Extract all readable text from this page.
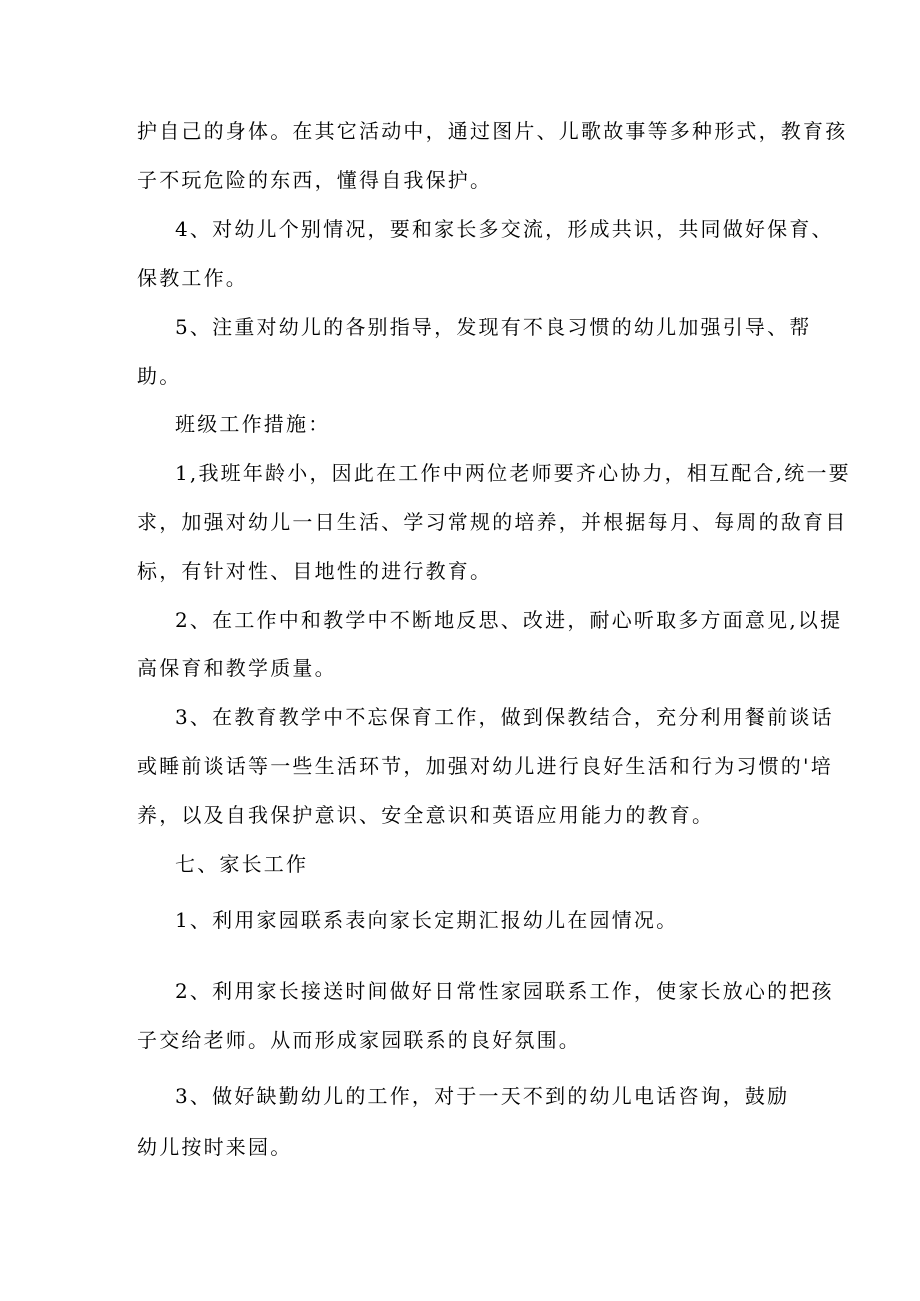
护自己的身体。在其它活动中，通过图片、儿歌故事等多种形式，教育孩

子不玩危险的东西，懂得自我保护。

4、对幼儿个别情况，要和家长多交流，形成共识，共同做好保育、

保教工作。

5、注重对幼儿的各别指导，发现有不良习惯的幼儿加强引导、帮

助。

班级工作措施：

1,我班年龄小，因此在工作中两位老师要齐心协力，相互配合,统一要

求，加强对幼儿一日生活、学习常规的培养，并根据每月、每周的敌育目

标，有针对性、目地性的进行教育。

2、在工作中和教学中不断地反思、改进，耐心听取多方面意见,以提

高保育和教学质量。

3、在教育教学中不忘保育工作，做到保教结合，充分利用餐前谈话

或睡前谈话等一些生活环节，加强对幼儿进行良好生活和行为习惯的'培

养，以及自我保护意识、安全意识和英语应用能力的教育。

七、家长工作

1、利用家园联系表向家长定期汇报幼儿在园情况。

2、利用家长接送时间做好日常性家园联系工作，使家长放心的把孩

子交给老师。从而形成家园联系的良好氛围。

3、做好缺勤幼儿的工作，对于一天不到的幼儿电话咨询，鼓励

幼儿按时来园。
